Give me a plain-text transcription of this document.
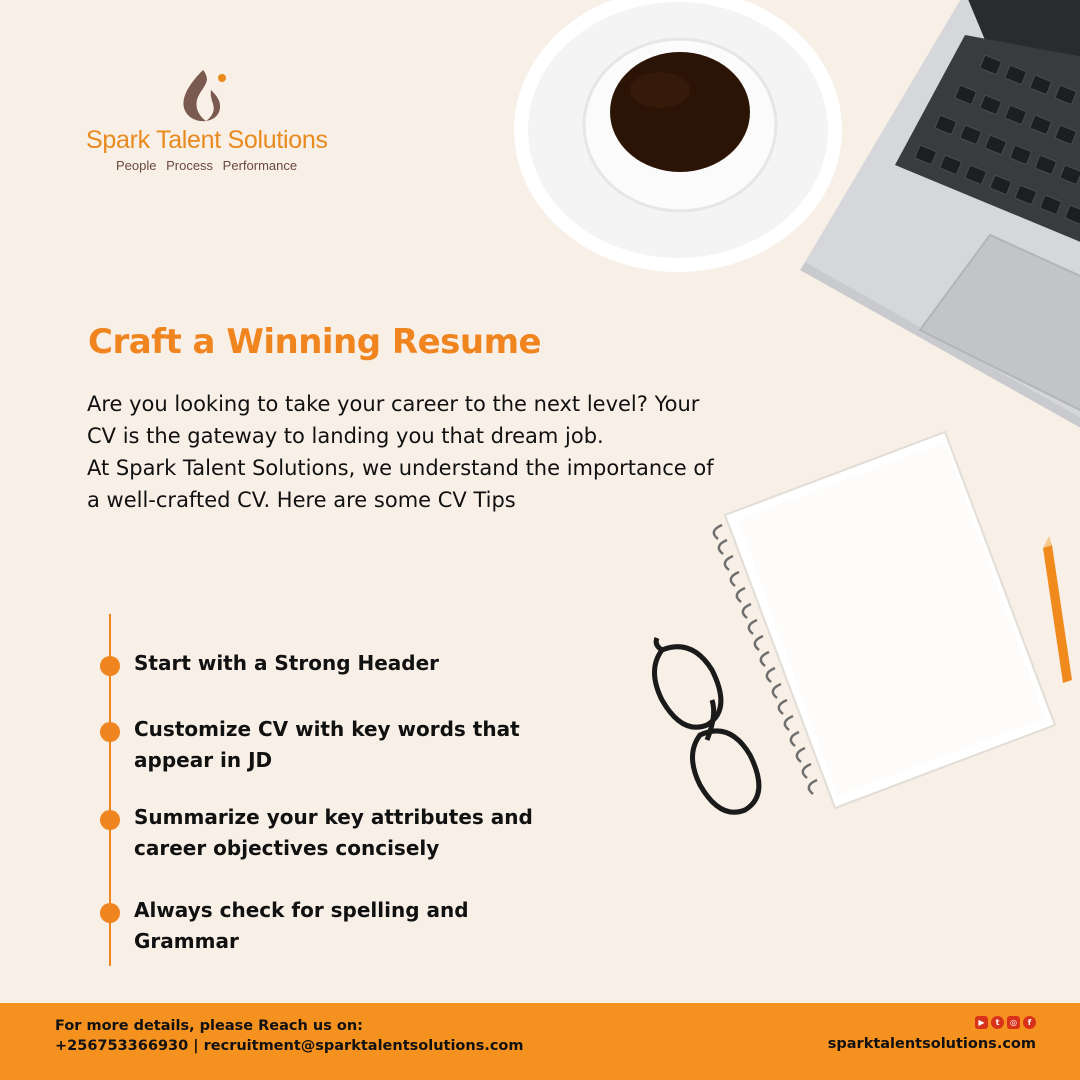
Spark Talent Solutions
People Process Performance
Craft a Winning Resume

Are you looking to take your career to the next level? Your CV is the gateway to landing you that dream job.

At Spark Talent Solutions, we understand the importance of a well-crafted CV. Here are some CV Tips

Start with a Strong Header
Customize CV with key words that appear in JD
Summarize your key attributes and career objectives concisely
Always check for spelling and Grammar
For more details, please Reach us on:
+256753366930 | recruitment@sparktalentsolutions.com
▶	t	◎	f
sparktalentsolutions.com
